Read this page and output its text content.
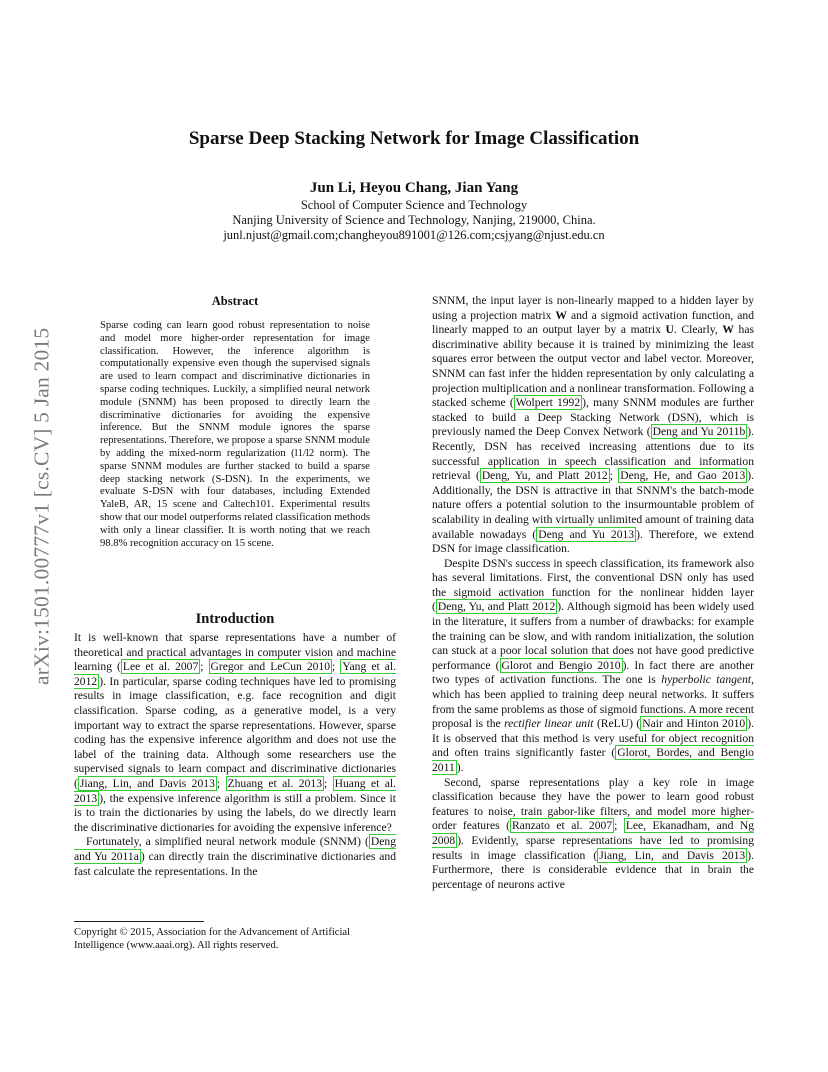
arXiv:1501.00777v1 [cs.CV] 5 Jan 2015
Sparse Deep Stacking Network for Image Classification
Jun Li, Heyou Chang, Jian Yang
School of Computer Science and Technology
Nanjing University of Science and Technology, Nanjing, 219000, China.
junl.njust@gmail.com;changheyou891001@126.com;csjyang@njust.edu.cn
Abstract
Sparse coding can learn good robust representation to noise and model more higher-order representation for image classification. However, the inference algorithm is computationally expensive even though the supervised signals are used to learn compact and discriminative dictionaries in sparse coding techniques. Luckily, a simplified neural network module (SNNM) has been proposed to directly learn the discriminative dictionaries for avoiding the expensive inference. But the SNNM module ignores the sparse representations. Therefore, we propose a sparse SNNM module by adding the mixed-norm regularization (l1/l2 norm). The sparse SNNM modules are further stacked to build a sparse deep stacking network (S-DSN). In the experiments, we evaluate S-DSN with four databases, including Extended YaleB, AR, 15 scene and Caltech101. Experimental results show that our model outperforms related classification methods with only a linear classifier. It is worth noting that we reach 98.8% recognition accuracy on 15 scene.
Introduction

It is well-known that sparse representations have a number of theoretical and practical advantages in computer vision and machine learning ( Lee et al. 2007 ; Gregor and LeCun 2010 ; Yang et al. 2012 ). In particular, sparse coding techniques have led to promising results in image classification, e.g. face recognition and digit classification. Sparse coding, as a generative model, is a very important way to extract the sparse representations. However, sparse coding has the expensive inference algorithm and does not use the label of the training data. Although some researchers use the supervised signals to learn compact and discriminative dictionaries ( Jiang, Lin, and Davis 2013 ; Zhuang et al. 2013 ; Huang et al. 2013 ), the expensive inference algorithm is still a problem. Since it is to train the dictionaries by using the labels, do we directly learn the discriminative dictionaries for avoiding the expensive inference?

Fortunately, a simplified neural network module (SNNM) ( Deng and Yu 2011a ) can directly train the discriminative dictionaries and fast calculate the representations. In the

Copyright © 2015, Association for the Advancement of Artificial
Intelligence (www.aaai.org). All rights reserved.

SNNM, the input layer is non-linearly mapped to a hidden layer by using a projection matrix W and a sigmoid activation function, and linearly mapped to an output layer by a matrix U. Clearly, W has discriminative ability because it is trained by minimizing the least squares error between the output vector and label vector. Moreover, SNNM can fast infer the hidden representation by only calculating a projection multiplication and a nonlinear transformation. Following a stacked scheme ( Wolpert 1992 ), many SNNM modules are further stacked to build a Deep Stacking Network (DSN), which is previously named the Deep Convex Network ( Deng and Yu 2011b ). Recently, DSN has received increasing attentions due to its successful application in speech classification and information retrieval ( Deng, Yu, and Platt 2012 ; Deng, He, and Gao 2013 ). Additionally, the DSN is attractive in that SNNM's the batch-mode nature offers a potential solution to the insurmountable problem of scalability in dealing with virtually unlimited amount of training data available nowadays ( Deng and Yu 2013 ). Therefore, we extend DSN for image classification.

Despite DSN's success in speech classification, its framework also has several limitations. First, the conventional DSN only has used the sigmoid activation function for the nonlinear hidden layer ( Deng, Yu, and Platt 2012 ). Although sigmoid has been widely used in the literature, it suffers from a number of drawbacks: for example the training can be slow, and with random initialization, the solution can stuck at a poor local solution that does not have good predictive performance ( Glorot and Bengio 2010 ). In fact there are another two types of activation functions. The one is hyperbolic tangent, which has been applied to training deep neural networks. It suffers from the same problems as those of sigmoid functions. A more recent proposal is the rectifier linear unit (ReLU) ( Nair and Hinton 2010 ). It is observed that this method is very useful for object recognition and often trains significantly faster ( Glorot, Bordes, and Bengio 2011 ).

Second, sparse representations play a key role in image classification because they have the power to learn good robust features to noise, train gabor-like filters, and model more higher-order features ( Ranzato et al. 2007 ; Lee, Ekanadham, and Ng 2008 ). Evidently, sparse representations have led to promising results in image classification ( Jiang, Lin, and Davis 2013 ). Furthermore, there is considerable evidence that in brain the percentage of neurons active
